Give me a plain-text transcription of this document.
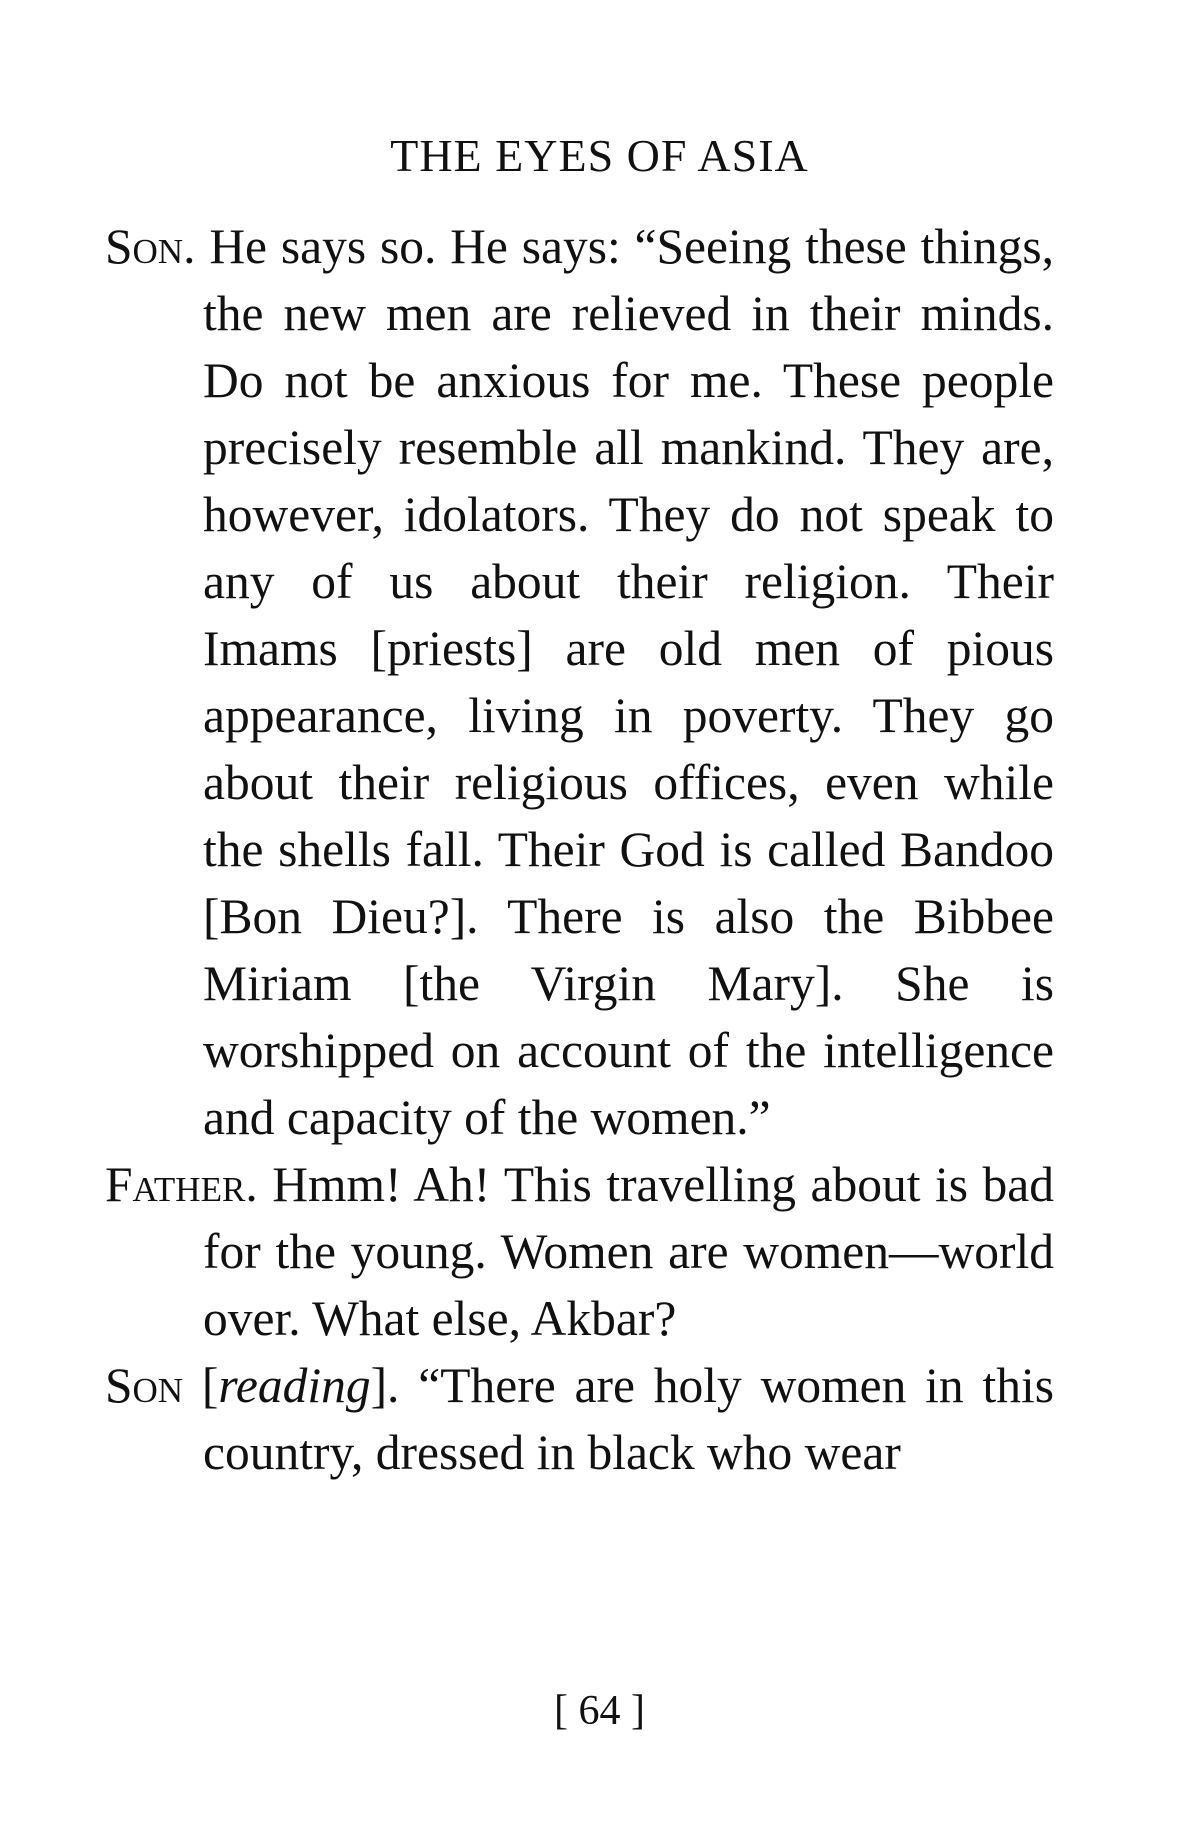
THE EYES OF ASIA

Son. He says so. He says: “Seeing these things, the new men are relieved in their minds. Do not be anxious for me. These people precisely resemble all mankind. They are, however, idolators. They do not speak to any of us about their religion. Their Imams [priests] are old men of pious appearance, living in poverty. They go about their religious offices, even while the shells fall. Their God is called Bandoo [Bon Dieu?]. There is also the Bibbee Miriam [the Virgin Mary]. She is worshipped on account of the intelligence and capacity of the women.”

Father. Hmm! Ah! This travelling about is bad for the young. Women are women—world over. What else, Akbar?

Son [reading]. “There are holy women in this country, dressed in black who wear

[ 64 ]
